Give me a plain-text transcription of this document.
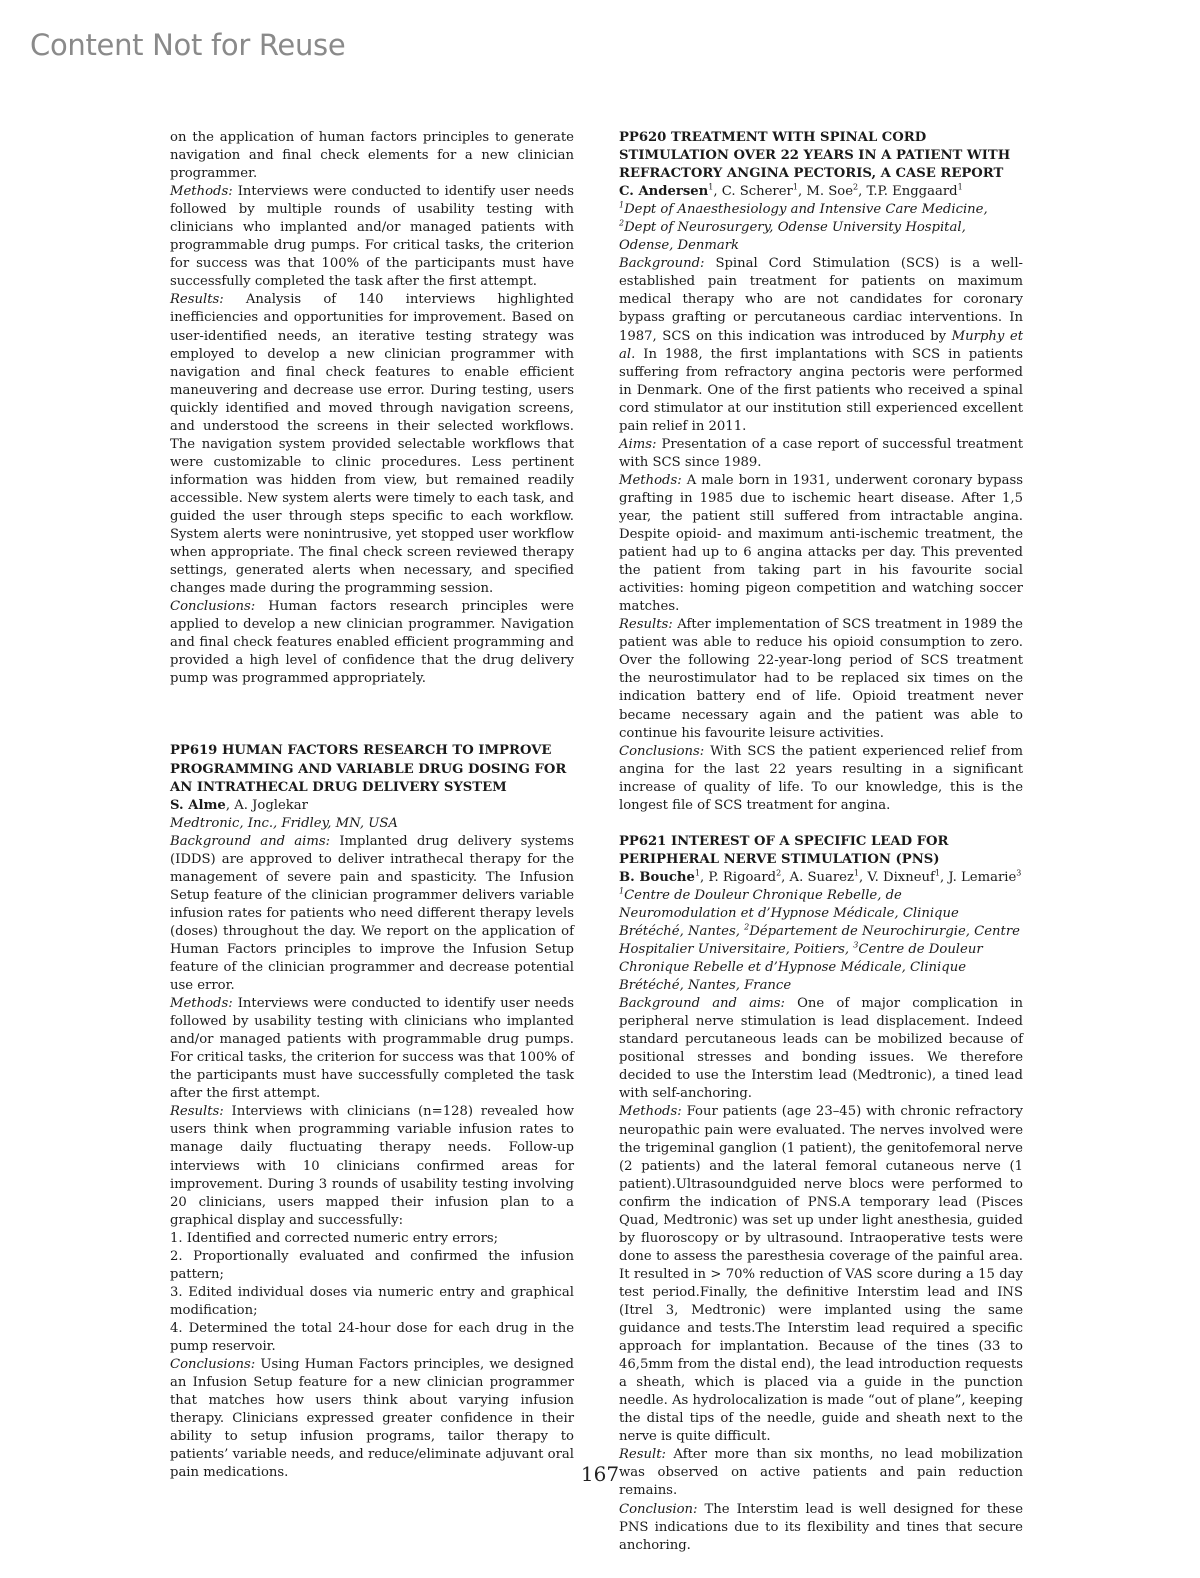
Content Not for Reuse

on the application of human factors principles to generate navigation and final check elements for a new clinician programmer.

Methods: Interviews were conducted to identify user needs followed by multiple rounds of usability testing with clinicians who implanted and/or managed patients with programmable drug pumps. For critical tasks, the criterion for success was that 100% of the participants must have successfully completed the task after the first attempt.

Results: Analysis of 140 interviews highlighted inefficiencies and opportunities for improvement. Based on user-identified needs, an iterative testing strategy was employed to develop a new clinician programmer with navigation and final check features to enable efficient maneuvering and decrease use error. During testing, users quickly identified and moved through navigation screens, and understood the screens in their selected workflows. The navigation system provided selectable workflows that were customizable to clinic procedures. Less pertinent information was hidden from view, but remained readily accessible. New system alerts were timely to each task, and guided the user through steps specific to each workflow. System alerts were nonintrusive, yet stopped user workflow when appropriate. The final check screen reviewed therapy settings, generated alerts when necessary, and specified changes made during the programming session.

Conclusions: Human factors research principles were applied to develop a new clinician programmer. Navigation and final check features enabled efficient programming and provided a high level of confidence that the drug delivery pump was programmed appropriately.

PP619 HUMAN FACTORS RESEARCH TO IMPROVE PROGRAMMING AND VARIABLE DRUG DOSING FOR AN INTRATHECAL DRUG DELIVERY SYSTEM

S. Alme, A. Joglekar

Medtronic, Inc., Fridley, MN, USA

Background and aims: Implanted drug delivery systems (IDDS) are approved to deliver intrathecal therapy for the management of severe pain and spasticity. The Infusion Setup feature of the clinician programmer delivers variable infusion rates for patients who need different therapy levels (doses) throughout the day. We report on the application of Human Factors principles to improve the Infusion Setup feature of the clinician programmer and decrease potential use error.

Methods: Interviews were conducted to identify user needs followed by usability testing with clinicians who implanted and/or managed patients with programmable drug pumps. For critical tasks, the criterion for success was that 100% of the participants must have successfully completed the task after the first attempt.

Results: Interviews with clinicians (n=128) revealed how users think when programming variable infusion rates to manage daily fluctuating therapy needs. Follow-up interviews with 10 clinicians confirmed areas for improvement. During 3 rounds of usability testing involving 20 clinicians, users mapped their infusion plan to a graphical display and successfully:

1. Identified and corrected numeric entry errors;

2. Proportionally evaluated and confirmed the infusion pattern;

3. Edited individual doses via numeric entry and graphical modification;

4. Determined the total 24-hour dose for each drug in the pump reservoir.

Conclusions: Using Human Factors principles, we designed an Infusion Setup feature for a new clinician programmer that matches how users think about varying infusion therapy. Clinicians expressed greater confidence in their ability to setup infusion programs, tailor therapy to patients’ variable needs, and reduce/eliminate adjuvant oral pain medications.

PP620 TREATMENT WITH SPINAL CORD STIMULATION OVER 22 YEARS IN A PATIENT WITH REFRACTORY ANGINA PECTORIS, A CASE REPORT

C. Andersen$^1$, C. Scherer$^1$, M. Soe$^2$, T.P. Enggaard$^1$

$^1$Dept of Anaesthesiology and Intensive Care Medicine,
$^2$Dept of Neurosurgery, Odense University Hospital, Odense, Denmark

Background: Spinal Cord Stimulation (SCS) is a well-established pain treatment for patients on maximum medical therapy who are not candidates for coronary bypass grafting or percutaneous cardiac interventions. In 1987, SCS on this indication was introduced by Murphy et al. In 1988, the first implantations with SCS in patients suffering from refractory angina pectoris were performed in Denmark. One of the first patients who received a spinal cord stimulator at our institution still experienced excellent pain relief in 2011.

Aims: Presentation of a case report of successful treatment with SCS since 1989.

Methods: A male born in 1931, underwent coronary bypass grafting in 1985 due to ischemic heart disease. After 1,5 year, the patient still suffered from intractable angina. Despite opioid- and maximum anti-ischemic treatment, the patient had up to 6 angina attacks per day. This prevented the patient from taking part in his favourite social activities: homing pigeon competition and watching soccer matches.

Results: After implementation of SCS treatment in 1989 the patient was able to reduce his opioid consumption to zero. Over the following 22-year-long period of SCS treatment the neurostimulator had to be replaced six times on the indication battery end of life. Opioid treatment never became necessary again and the patient was able to continue his favourite leisure activities.

Conclusions: With SCS the patient experienced relief from angina for the last 22 years resulting in a significant increase of quality of life. To our knowledge, this is the longest file of SCS treatment for angina.

PP621 INTEREST OF A SPECIFIC LEAD FOR PERIPHERAL NERVE STIMULATION (PNS)

B. Bouche$^1$, P. Rigoard$^2$, A. Suarez$^1$, V. Dixneuf$^1$, J. Lemarie$^3$

$^1$Centre de Douleur Chronique Rebelle, de Neuromodulation et d’Hypnose Médicale, Clinique Brétéché, Nantes, $^2$Département de Neurochirurgie, Centre Hospitalier Universitaire, Poitiers, $^3$Centre de Douleur Chronique Rebelle et d’Hypnose Médicale, Clinique Brétéché, Nantes, France

Background and aims: One of major complication in peripheral nerve stimulation is lead displacement. Indeed standard percutaneous leads can be mobilized because of positional stresses and bonding issues. We therefore decided to use the Interstim lead (Medtronic), a tined lead with self-anchoring.

Methods: Four patients (age 23–45) with chronic refractory neuropathic pain were evaluated. The nerves involved were the trigeminal ganglion (1 patient), the genitofemoral nerve (2 patients) and the lateral femoral cutaneous nerve (1 patient).Ultrasoundguided nerve blocs were performed to confirm the indication of PNS.A temporary lead (Pisces Quad, Medtronic) was set up under light anesthesia, guided by fluoroscopy or by ultrasound. Intraoperative tests were done to assess the paresthesia coverage of the painful area. It resulted in > 70% reduction of VAS score during a 15 day test period.Finally, the definitive Interstim lead and INS (Itrel 3, Medtronic) were implanted using the same guidance and tests.The Interstim lead required a specific approach for implantation. Because of the tines (33 to 46,5mm from the distal end), the lead introduction requests a sheath, which is placed via a guide in the punction needle. As hydrolocalization is made “out of plane”, keeping the distal tips of the needle, guide and sheath next to the nerve is quite difficult.

Result: After more than six months, no lead mobilization was observed on active patients and pain reduction remains.

Conclusion: The Interstim lead is well designed for these PNS indications due to its flexibility and tines that secure anchoring.

167
